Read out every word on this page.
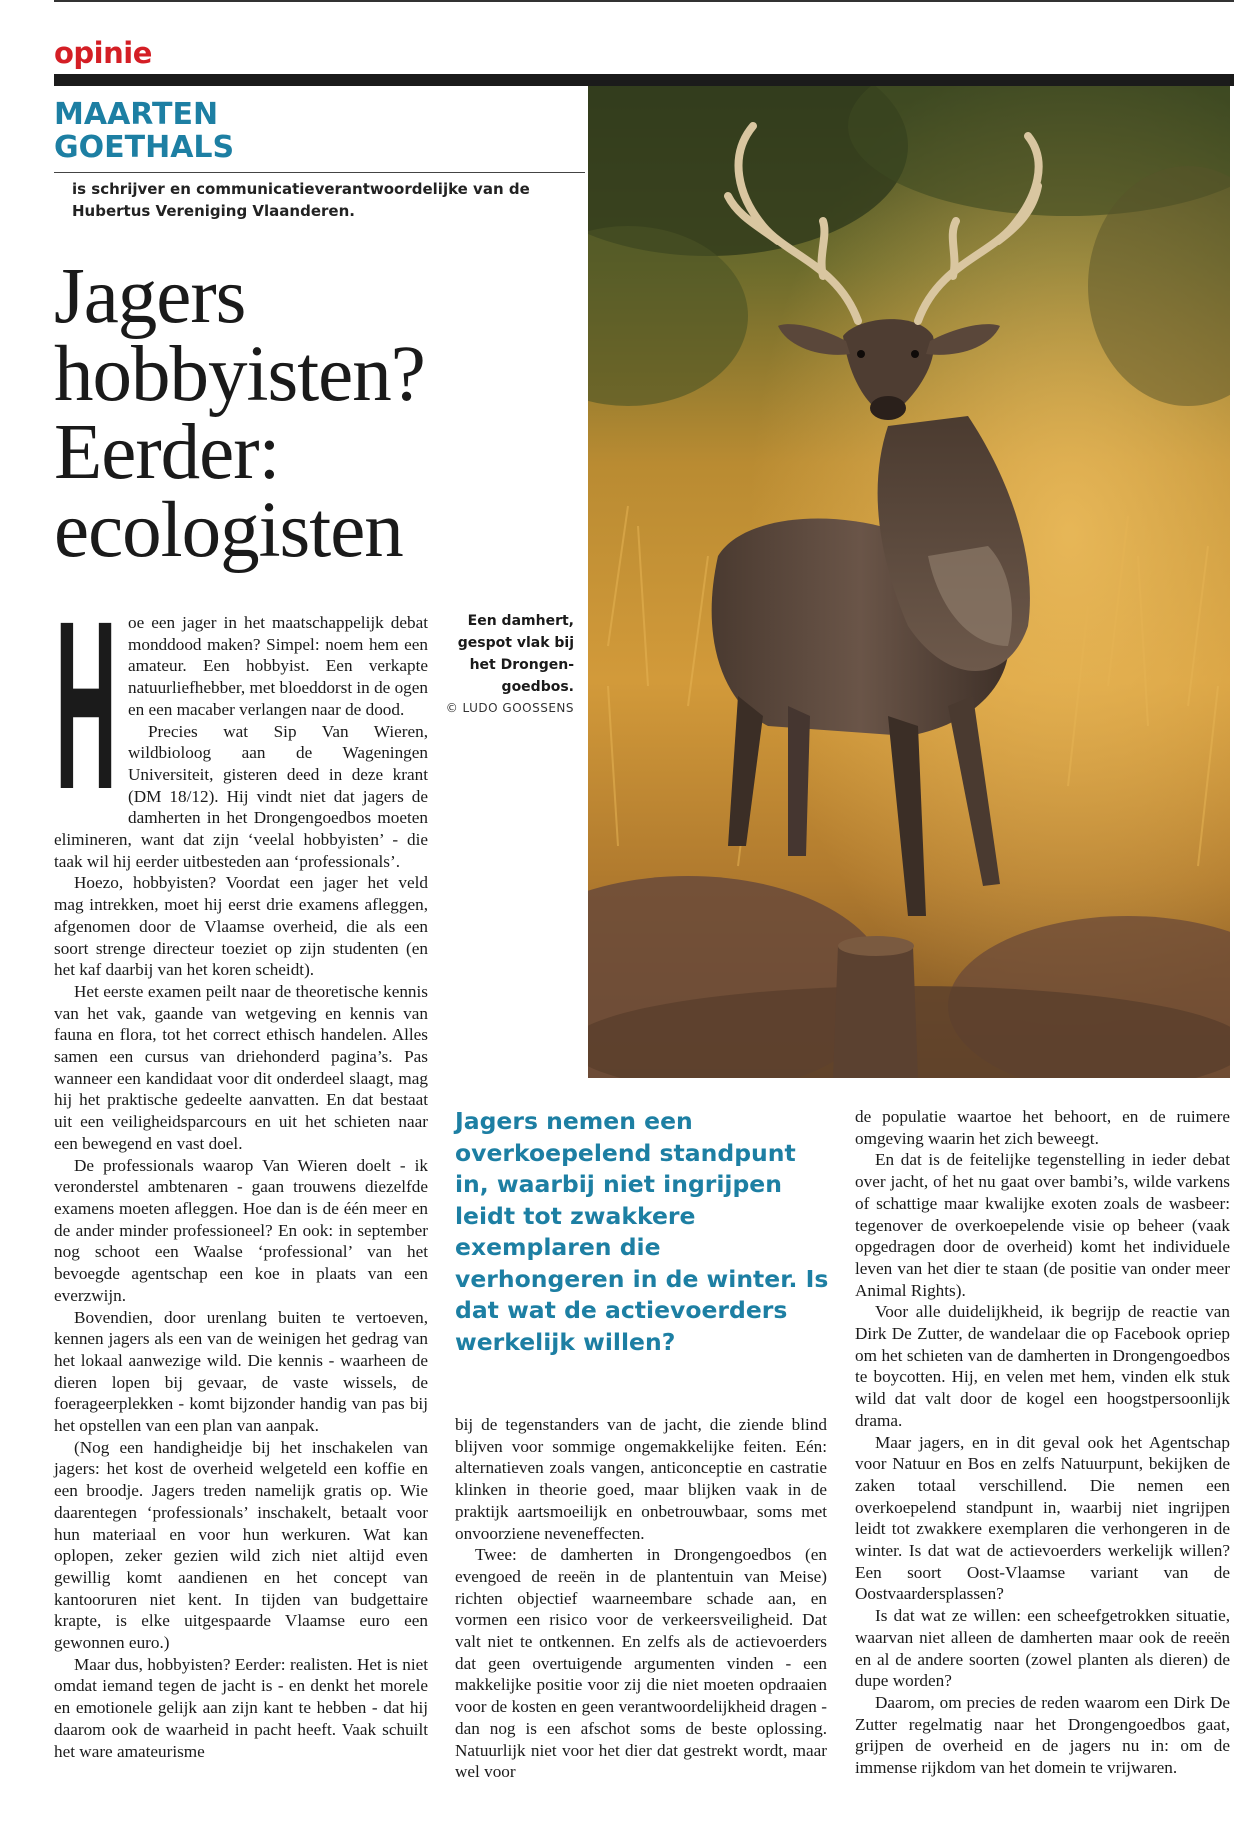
opinie
MAARTEN
GOETHALS
is schrijver en communicatieverantwoordelijke van de Hubertus Vereniging Vlaanderen.
Jagers
hobbyisten?
Eerder:
ecologisten
Een damhert, gespot vlak bij het Drongengoedbos.
© LUDO GOOSSENS
H oe een jager in het maatschappelijk debat monddood maken? Simpel: noem hem een amateur. Een hobbyist. Een verkapte natuurliefhebber, met bloeddorst in de ogen en een macaber verlangen naar de dood.

Precies wat Sip Van Wieren, wildbioloog aan de Wageningen Universiteit, gisteren deed in deze krant (DM 18/12). Hij vindt niet dat jagers de damherten in het Drongengoedbos moeten elimineren, want dat zijn ‘veelal hobbyisten’ - die taak wil hij eerder uitbesteden aan ‘professionals’.

Hoezo, hobbyisten? Voordat een jager het veld mag intrekken, moet hij eerst drie examens afleggen, afgenomen door de Vlaamse overheid, die als een soort strenge directeur toeziet op zijn studenten (en het kaf daarbij van het koren scheidt).

Het eerste examen peilt naar de theoretische kennis van het vak, gaande van wetgeving en kennis van fauna en flora, tot het correct ethisch handelen. Alles samen een cursus van driehonderd pagina’s. Pas wanneer een kandidaat voor dit onderdeel slaagt, mag hij het praktische gedeelte aanvatten. En dat bestaat uit een veiligheidsparcours en uit het schieten naar een bewegend en vast doel.

De professionals waarop Van Wieren doelt - ik veronderstel ambtenaren - gaan trouwens diezelfde examens moeten afleggen. Hoe dan is de één meer en de ander minder professioneel? En ook: in september nog schoot een Waalse ‘professional’ van het bevoegde agentschap een koe in plaats van een everzwijn.

Bovendien, door urenlang buiten te vertoeven, kennen jagers als een van de weinigen het gedrag van het lokaal aanwezige wild. Die kennis - waarheen de dieren lopen bij gevaar, de vaste wissels, de foerageerplekken - komt bijzonder handig van pas bij het opstellen van een plan van aanpak.

(Nog een handigheidje bij het inschakelen van jagers: het kost de overheid welgeteld een koffie en een broodje. Jagers treden namelijk gratis op. Wie daarentegen ‘professionals’ inschakelt, betaalt voor hun materiaal en voor hun werkuren. Wat kan oplopen, zeker gezien wild zich niet altijd even gewillig komt aandienen en het concept van kantooruren niet kent. In tijden van budgettaire krapte, is elke uitgespaarde Vlaamse euro een gewonnen euro.)

Maar dus, hobbyisten? Eerder: realisten. Het is niet omdat iemand tegen de jacht is - en denkt het morele en emotionele gelijk aan zijn kant te hebben - dat hij daarom ook de waarheid in pacht heeft. Vaak schuilt het ware amateurisme

Jagers nemen een overkoepelend standpunt in, waarbij niet ingrijpen leidt tot zwakkere exemplaren die verhongeren in de winter. Is dat wat de actievoerders werkelijk willen?

bij de tegenstanders van de jacht, die ziende blind blijven voor sommige ongemakkelijke feiten. Eén: alternatieven zoals vangen, anticonceptie en castratie klinken in theorie goed, maar blijken vaak in de praktijk aartsmoeilijk en onbetrouwbaar, soms met onvoorziene neveneffecten.

Twee: de damherten in Drongengoedbos (en evengoed de reeën in de plantentuin van Meise) richten objectief waarneembare schade aan, en vormen een risico voor de verkeersveiligheid. Dat valt niet te ontkennen. En zelfs als de actievoerders dat geen overtuigende argumenten vinden - een makkelijke positie voor zij die niet moeten opdraaien voor de kosten en geen verantwoordelijkheid dragen - dan nog is een afschot soms de beste oplossing. Natuurlijk niet voor het dier dat gestrekt wordt, maar wel voor

de populatie waartoe het behoort, en de ruimere omgeving waarin het zich beweegt.

En dat is de feitelijke tegenstelling in ieder debat over jacht, of het nu gaat over bambi’s, wilde varkens of schattige maar kwalijke exoten zoals de wasbeer: tegenover de overkoepelende visie op beheer (vaak opgedragen door de overheid) komt het individuele leven van het dier te staan (de positie van onder meer Animal Rights).

Voor alle duidelijkheid, ik begrijp de reactie van Dirk De Zutter, de wandelaar die op Facebook opriep om het schieten van de damherten in Drongengoedbos te boycotten. Hij, en velen met hem, vinden elk stuk wild dat valt door de kogel een hoogstpersoonlijk drama.

Maar jagers, en in dit geval ook het Agentschap voor Natuur en Bos en zelfs Natuurpunt, bekijken de zaken totaal verschillend. Die nemen een overkoepelend standpunt in, waarbij niet ingrijpen leidt tot zwakkere exemplaren die verhongeren in de winter. Is dat wat de actievoerders werkelijk willen? Een soort Oost-Vlaamse variant van de Oostvaardersplassen?

Is dat wat ze willen: een scheefgetrokken situatie, waarvan niet alleen de damherten maar ook de reeën en al de andere soorten (zowel planten als dieren) de dupe worden?

Daarom, om precies de reden waarom een Dirk De Zutter regelmatig naar het Drongengoedbos gaat, grijpen de overheid en de jagers nu in: om de immense rijkdom van het domein te vrijwaren.
